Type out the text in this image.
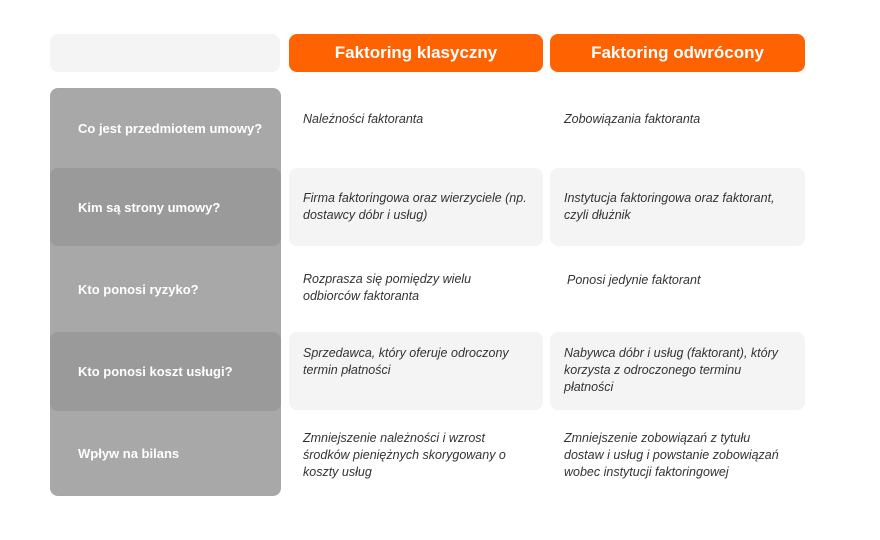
Faktoring klasyczny	Faktoring odwrócony
Co jest przedmiotem umowy?
Kim są strony umowy?
Kto ponosi ryzyko?
Kto ponosi koszt usługi?
Wpływ na bilans
Należności faktoranta	Zobowiązania faktoranta
Firma faktoringowa oraz wierzyciele (np. dostawcy dóbr i usług)
Instytucja faktoringowa oraz faktorant, czyli dłużnik
Rozprasza się pomiędzy wielu odbiorców faktoranta
Ponosi jedynie faktorant
Sprzedawca, który oferuje odroczony termin płatności
Nabywca dóbr i usług (faktorant), który korzysta z odroczonego terminu płatności
Zmniejszenie należności i wzrost środków pieniężnych skorygowany o koszty usług
Zmniejszenie zobowiązań z tytułu dostaw i usług i powstanie zobowiązań wobec instytucji faktoringowej
